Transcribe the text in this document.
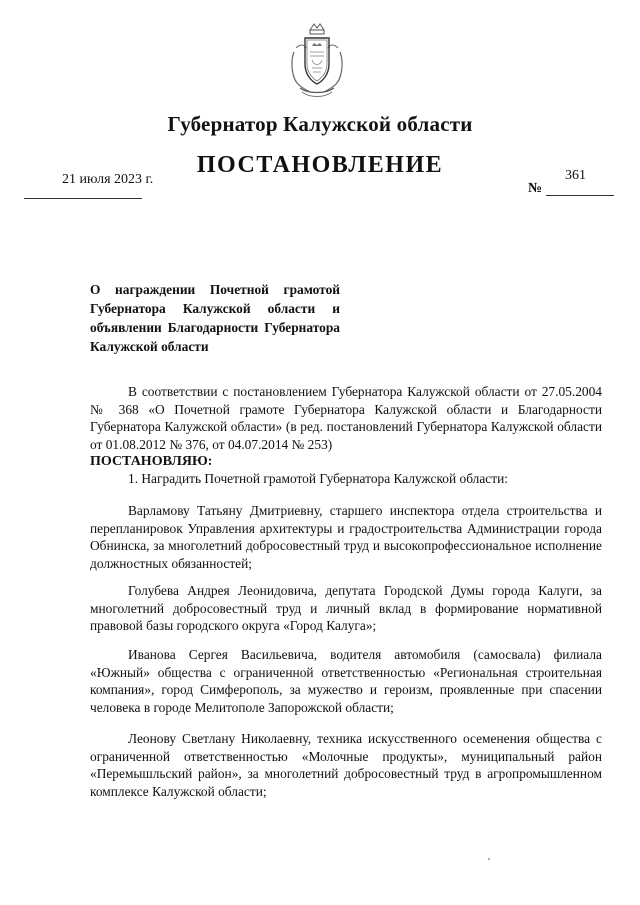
Губернатор Калужской области
ПОСТАНОВЛЕНИЕ
21 июля 2023 г.	361
№
О награждении Почетной грамотой Губернатора Калужской области и объявлении Благодарности Губернатора Калужской области
В соответствии с постановлением Губернатора Калужской области от 27.05.2004 № 368 «О Почетной грамоте Губернатора Калужской области и Благодарности Губернатора Калужской области» (в ред. постановлений Губернатора Калужской области от 01.08.2012 № 376, от 04.07.2014 № 253)
ПОСТАНОВЛЯЮ:
1. Наградить Почетной грамотой Губернатора Калужской области:
Варламову Татьяну Дмитриевну, старшего инспектора отдела строительства и перепланировок Управления архитектуры и градостроительства Администрации города Обнинска, за многолетний добросовестный труд и высокопрофессиональное исполнение должностных обязанностей;
Голубева Андрея Леонидовича, депутата Городской Думы города Калуги, за многолетний добросовестный труд и личный вклад в формирование нормативной правовой базы городского округа «Город Калуга»;
Иванова Сергея Васильевича, водителя автомобиля (самосвала) филиала «Южный» общества с ограниченной ответственностью «Региональная строительная компания», город Симферополь, за мужество и героизм, проявленные при спасении человека в городе Мелитополе Запорожской области;
Леонову Светлану Николаевну, техника искусственного осеменения общества с ограниченной ответственностью «Молочные продукты», муниципальный район «Перемышльский район», за многолетний добросовестный труд в агропромышленном комплексе Калужской области;
